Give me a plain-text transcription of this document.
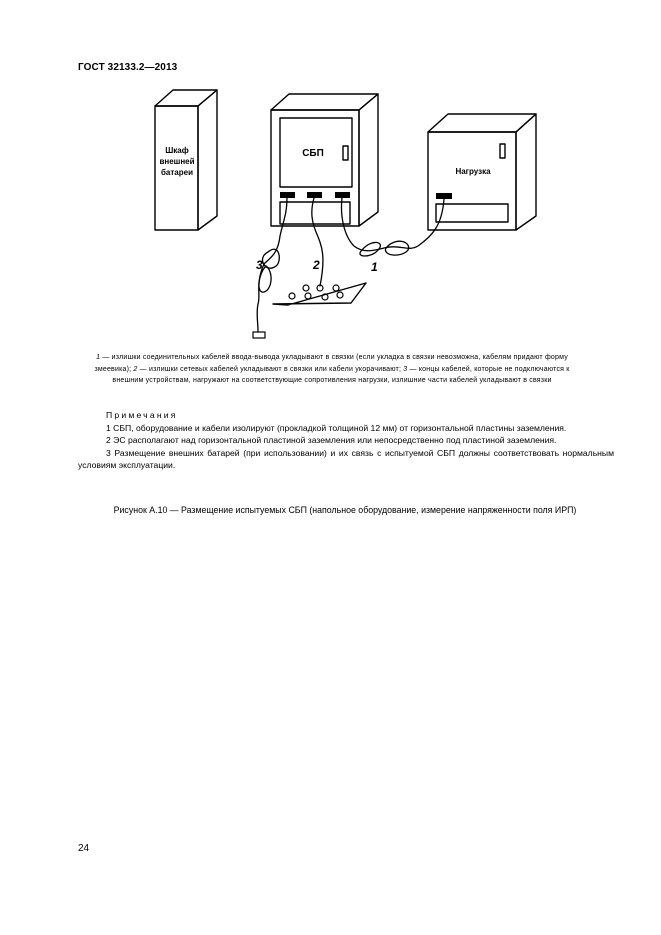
ГОСТ 32133.2—2013
Шкаф
внешней
батареи
СБП
Нагрузка
1
2
3
1 — излишки соединительных кабелей ввода-вывода укладывают в связки (если укладка в связки невозможна, кабелям придают форму змеевика); 2 — излишки сетевых кабелей укладывают в связки или кабели укорачивают; 3 — концы кабелей, которые не подключаются к внешним устройствам, нагружают на соответствующие сопротивления нагрузки, излишние части кабелей укладывают в связки
Примечания

1 СБП, оборудование и кабели изолируют (прокладкой толщиной 12 мм) от горизонтальной пластины заземления.

2 ЭС располагают над горизонтальной пластиной заземления или непосредственно под пластиной заземления.

3 Размещение внешних батарей (при использовании) и их связь с испытуемой СБП должны соответствовать нормальным условиям эксплуатации.

Рисунок А.10 — Размещение испытуемых СБП (напольное оборудование, измерение напряженности поля ИРП)
24
